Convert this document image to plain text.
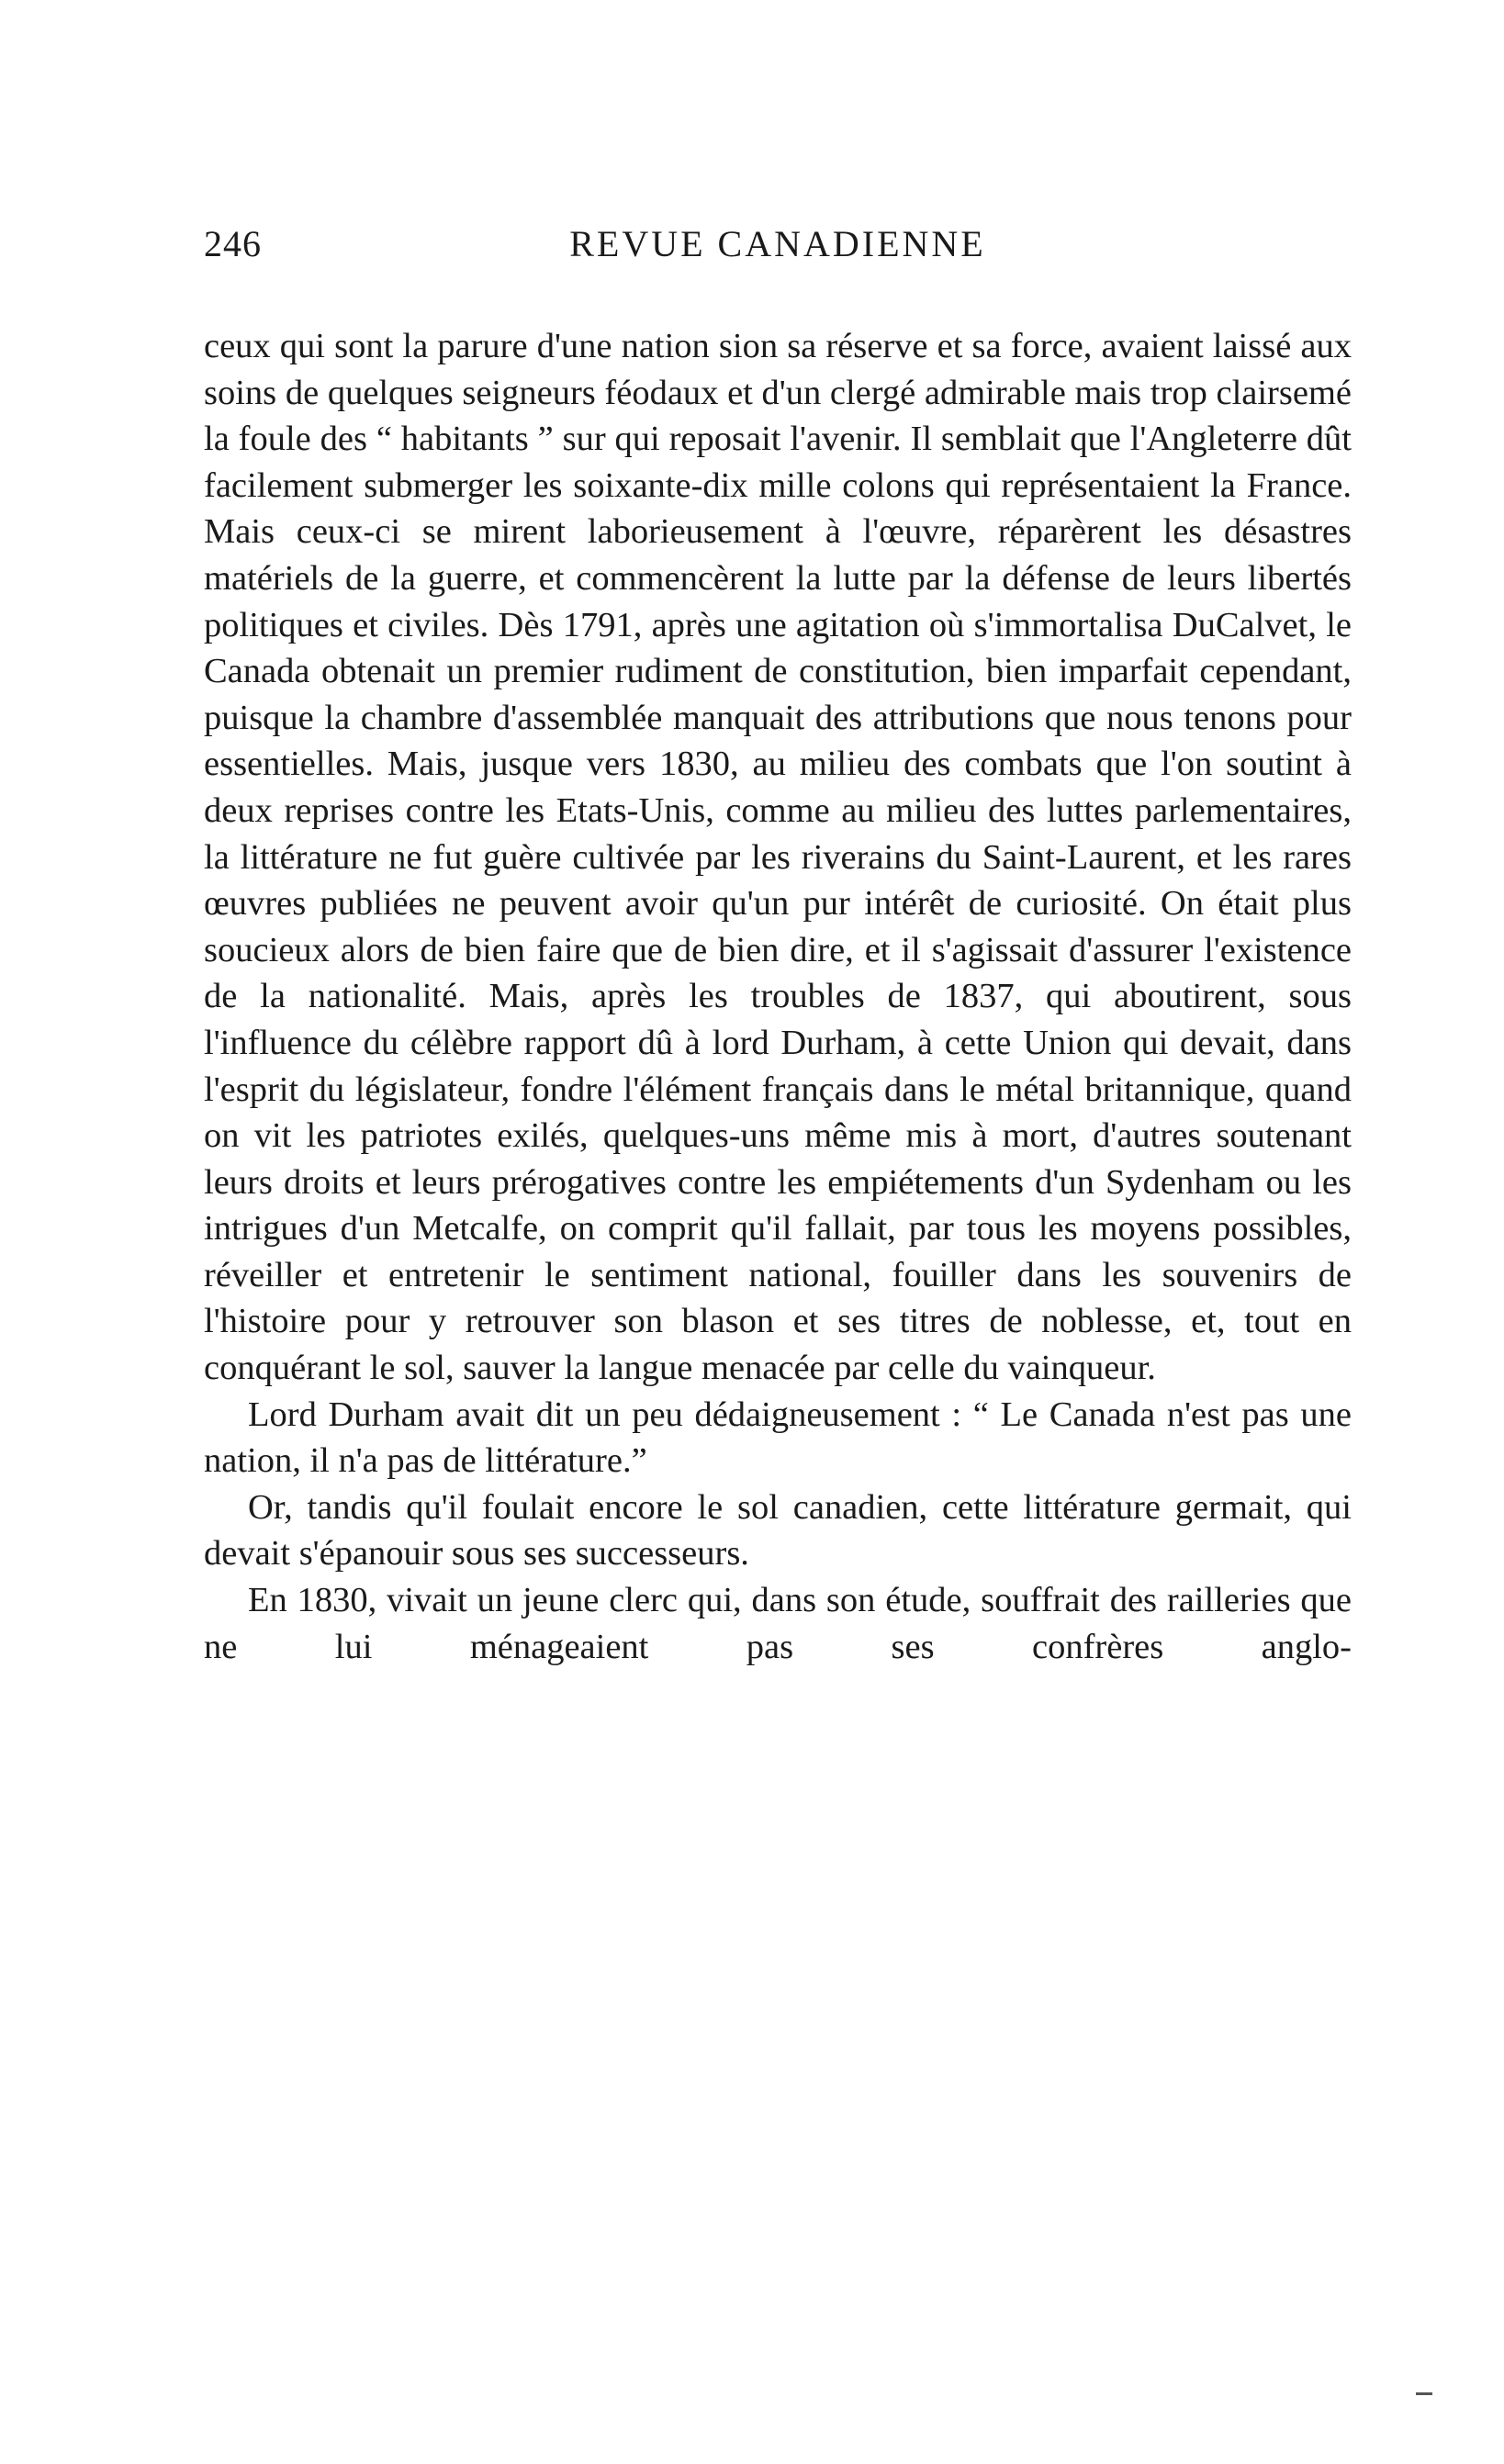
246	REVUE CANADIENNE

ceux qui sont la parure d'une nation sion sa réserve et sa force, avaient laissé aux soins de quelques seigneurs féodaux et d'un clergé admirable mais trop clairsemé la foule des “ habitants ” sur qui reposait l'avenir. Il semblait que l'Angleterre dût facilement submerger les soixante-dix mille colons qui représentaient la France. Mais ceux-ci se mirent laborieusement à l'œuvre, réparèrent les désastres matériels de la guerre, et commencèrent la lutte par la défense de leurs libertés politiques et civiles. Dès 1791, après une agitation où s'immortalisa DuCalvet, le Canada obtenait un premier rudiment de constitution, bien imparfait cependant, puisque la chambre d'assemblée manquait des attributions que nous tenons pour essentielles. Mais, jusque vers 1830, au milieu des combats que l'on soutint à deux reprises contre les Etats-Unis, comme au milieu des luttes parlementaires, la littérature ne fut guère cultivée par les riverains du Saint-Laurent, et les rares œuvres publiées ne peuvent avoir qu'un pur intérêt de curiosité. On était plus soucieux alors de bien faire que de bien dire, et il s'agissait d'assurer l'existence de la nationalité. Mais, après les troubles de 1837, qui aboutirent, sous l'influence du célèbre rapport dû à lord Durham, à cette Union qui devait, dans l'esprit du législateur, fondre l'élément français dans le métal britannique, quand on vit les patriotes exilés, quelques-uns même mis à mort, d'autres soutenant leurs droits et leurs prérogatives contre les empiétements d'un Sydenham ou les intrigues d'un Metcalfe, on comprit qu'il fallait, par tous les moyens possibles, réveiller et entretenir le sentiment national, fouiller dans les souvenirs de l'histoire pour y retrouver son blason et ses titres de noblesse, et, tout en conquérant le sol, sauver la langue menacée par celle du vainqueur.

Lord Durham avait dit un peu dédaigneusement : “ Le Canada n'est pas une nation, il n'a pas de littérature.”

Or, tandis qu'il foulait encore le sol canadien, cette littérature germait, qui devait s'épanouir sous ses successeurs.

En 1830, vivait un jeune clerc qui, dans son étude, souffrait des railleries que ne lui ménageaient pas ses confrères anglo-
